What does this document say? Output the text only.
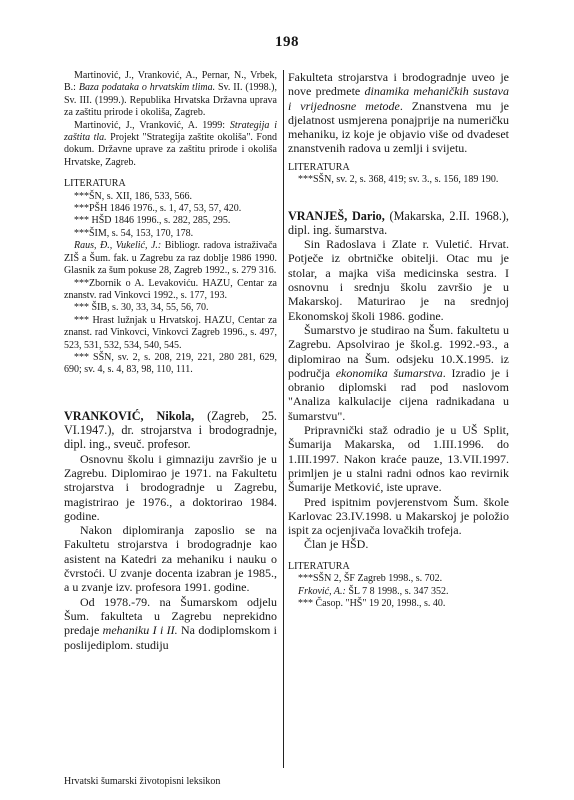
198

Martinović, J., Vranković, A., Pernar, N., Vrbek, B.: Baza podataka o hrvatskim tlima. Sv. II. (1998.), Sv. III. (1999.). Republika Hrvatska Državna uprava za zaštitu prirode i okoliša, Zagreb.

Martinović, J., Vranković, A. 1999: Strategija i zaštita tla. Projekt "Strategija zaštite okoliša". Fond dokum. Državne uprave za zaštitu prirode i okoliša Hrvatske, Zagreb.

LITERATURA

***ŠN, s. XII, 186, 533, 566.

***PŠH 1846 1976., s. 1, 47, 53, 57, 420.

*** HŠD 1846 1996., s. 282, 285, 295.

***ŠIM, s. 54, 153, 170, 178.

Raus, Đ., Vukelić, J.: Bibliogr. radova istraživača ZIŠ a Šum. fak. u Zagrebu za raz doblje 1986 1990. Glasnik za šum pokuse 28, Zagreb 1992., s. 279 316.

***Zbornik o A. Levakoviću. HAZU, Centar za znanstv. rad Vinkovci 1992., s. 177, 193.

*** ŠIB, s. 30, 33, 34, 55, 56, 70.

*** Hrast lužnjak u Hrvatskoj. HAZU, Centar za znanst. rad Vinkovci, Vinkovci Zagreb 1996., s. 497, 523, 531, 532, 534, 540, 545.

*** SŠN, sv. 2, s. 208, 219, 221, 280 281, 629, 690; sv. 4, s. 4, 83, 98, 110, 111.

VRANKOVIĆ, Nikola, (Zagreb, 25. VI.1947.), dr. strojarstva i brodogradnje, dipl. ing., sveuč. profesor.

Osnovnu školu i gimnaziju završio je u Zagrebu. Diplomirao je 1971. na Fakultetu strojarstva i brodogradnje u Zagrebu, magistrirao je 1976., a doktorirao 1984. godine.

Nakon diplomiranja zaposlio se na Fakultetu strojarstva i brodogradnje kao asistent na Katedri za mehaniku i nauku o čvrstoći. U zvanje docenta izabran je 1985., a u zvanje izv. profesora 1991. godine.

Od 1978.-79. na Šumarskom odjelu Šum. fakulteta u Zagrebu neprekidno predaje mehaniku I i II. Na dodiplomskom i poslijediplom. studiju

Fakulteta strojarstva i brodogradnje uveo je nove predmete dinamika mehaničkih sustava i vrijednosne metode. Znanstvena mu je djelatnost usmjerena ponajprije na numeričku mehaniku, iz koje je objavio više od dvadeset znanstvenih radova u zemlji i svijetu.

LITERATURA

***SŠN, sv. 2, s. 368, 419; sv. 3., s. 156, 189 190.

VRANJEŠ, Dario, (Makarska, 2.II. 1968.), dipl. ing. šumarstva.

Sin Radoslava i Zlate r. Vuletić. Hrvat. Potječe iz obrtničke obitelji. Otac mu je stolar, a majka viša medicinska sestra. I osnovnu i srednju školu završio je u Makarskoj. Maturirao je na srednjoj Ekonomskoj školi 1986. godine.

Šumarstvo je studirao na Šum. fakultetu u Zagrebu. Apsolvirao je škol.g. 1992.-93., a diplomirao na Šum. odsjeku 10.X.1995. iz područja ekonomika šumarstva. Izradio je i obranio diplomski rad pod naslovom "Analiza kalkulacije cijena radnikadana u šumarstvu".

Pripravnički staž odradio je u UŠ Split, Šumarija Makarska, od 1.III.1996. do 1.III.1997. Nakon kraće pauze, 13.VII.1997. primljen je u stalni radni odnos kao revirnik Šumarije Metković, iste uprave.

Pred ispitnim povjerenstvom Šum. škole Karlovac 23.IV.1998. u Makarskoj je položio ispit za ocjenjivača lovačkih trofeja.

Član je HŠD.

LITERATURA

***SŠN 2, ŠF Zagreb 1998., s. 702.

Frković, A.: ŠL 7 8 1998., s. 347 352.

*** Časop. "HŠ" 19 20, 1998., s. 40.

Hrvatski šumarski životopisni leksikon
